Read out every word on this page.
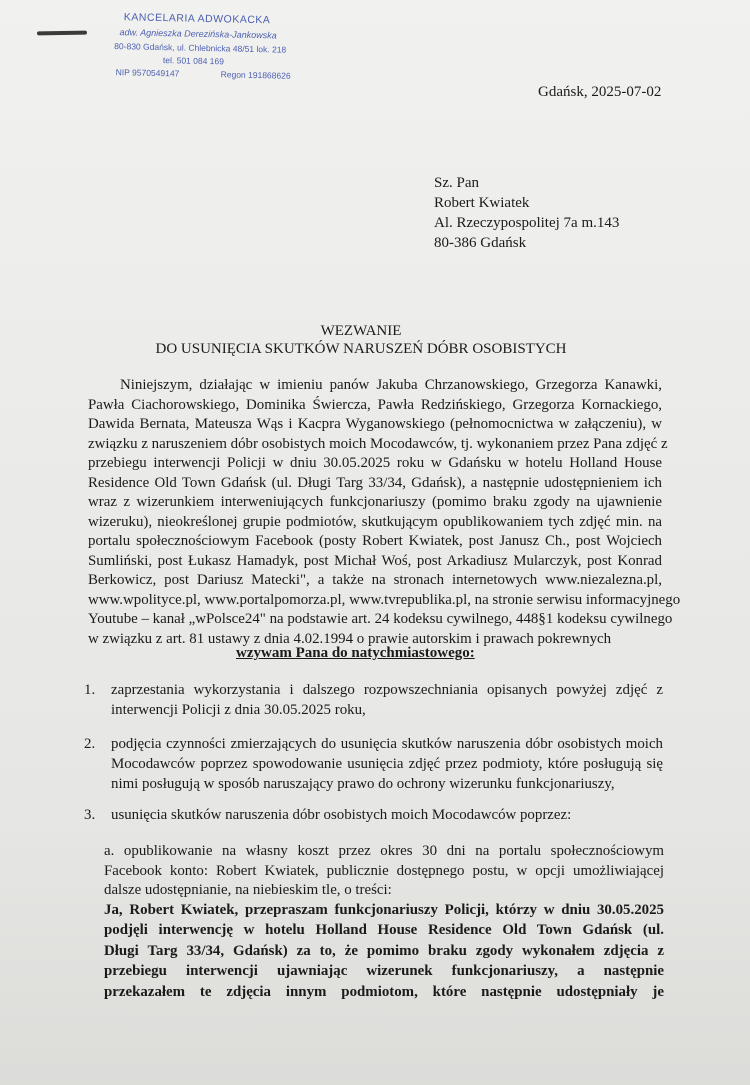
KANCELARIA ADWOKACKA
adw. Agnieszka Derezińska-Jankowska
80-830 Gdańsk, ul. Chlebnicka 48/51 lok. 218
tel. 501 084 169
NIP 9570549147	Regon 191868626
Gdańsk, 2025-07-02
Sz. Pan
Robert Kwiatek
Al. Rzeczypospolitej 7a m.143
80-386 Gdańsk
WEZWANIE
DO USUNIĘCIA SKUTKÓW NARUSZEŃ DÓBR OSOBISTYCH
Niniejszym, działając w imieniu panów Jakuba Chrzanowskiego, Grzegorza Kanawki,
Pawła Ciachorowskiego, Dominika Świercza, Pawła Redzińskiego, Grzegorza Kornackiego,
Dawida Bernata, Mateusza Wąs i Kacpra Wyganowskiego (pełnomocnictwa w załączeniu), w
związku z naruszeniem dóbr osobistych moich Mocodawców, tj. wykonaniem przez Pana zdjęć z
przebiegu interwencji Policji w dniu 30.05.2025 roku w Gdańsku w hotelu Holland House
Residence Old Town Gdańsk (ul. Długi Targ 33/34, Gdańsk), a następnie udostępnieniem ich
wraz z wizerunkiem interweniujących funkcjonariuszy (pomimo braku zgody na ujawnienie
wizeruku), nieokreślonej grupie podmiotów, skutkującym opublikowaniem tych zdjęć min. na
portalu społecznościowym Facebook (posty Robert Kwiatek, post Janusz Ch., post Wojciech
Sumliński, post Łukasz Hamadyk, post Michał Woś, post Arkadiusz Mularczyk, post Konrad
Berkowicz, post Dariusz Matecki", a także na stronach internetowych www.niezalezna.pl,
www.wpolityce.pl, www.portalpomorza.pl, www.tvrepublika.pl, na stronie serwisu informacyjnego
Youtube – kanał „wPolsce24" na podstawie art. 24 kodeksu cywilnego, 448§1 kodeksu cywilnego
w związku z art. 81 ustawy z dnia 4.02.1994 o prawie autorskim i prawach pokrewnych
wzywam Pana do natychmiastowego:
1. zaprzestania wykorzystania i dalszego rozpowszechniania opisanych powyżej zdjęć z
interwencji Policji z dnia 30.05.2025 roku,
2. podjęcia czynności zmierzających do usunięcia skutków naruszenia dóbr osobistych moich
Mocodawców poprzez spowodowanie usunięcia zdjęć przez podmioty, które posługują się
nimi posługują w sposób naruszający prawo do ochrony wizerunku funkcjonariuszy,
3. usunięcia skutków naruszenia dóbr osobistych moich Mocodawców poprzez:
a. opublikowanie na własny koszt przez okres 30 dni na portalu społecznościowym
Facebook konto: Robert Kwiatek, publicznie dostępnego postu, w opcji umożliwiającej
dalsze udostępnianie, na niebieskim tle, o treści:
Ja, Robert Kwiatek, przepraszam funkcjonariuszy Policji, którzy w dniu 30.05.2025
podjęli interwencję w hotelu Holland House Residence Old Town Gdańsk (ul.
Długi Targ 33/34, Gdańsk) za to, że pomimo braku zgody wykonałem zdjęcia z
przebiegu interwencji ujawniając wizerunek funkcjonariuszy, a następnie
przekazałem te zdjęcia innym podmiotom, które następnie udostępniały je
